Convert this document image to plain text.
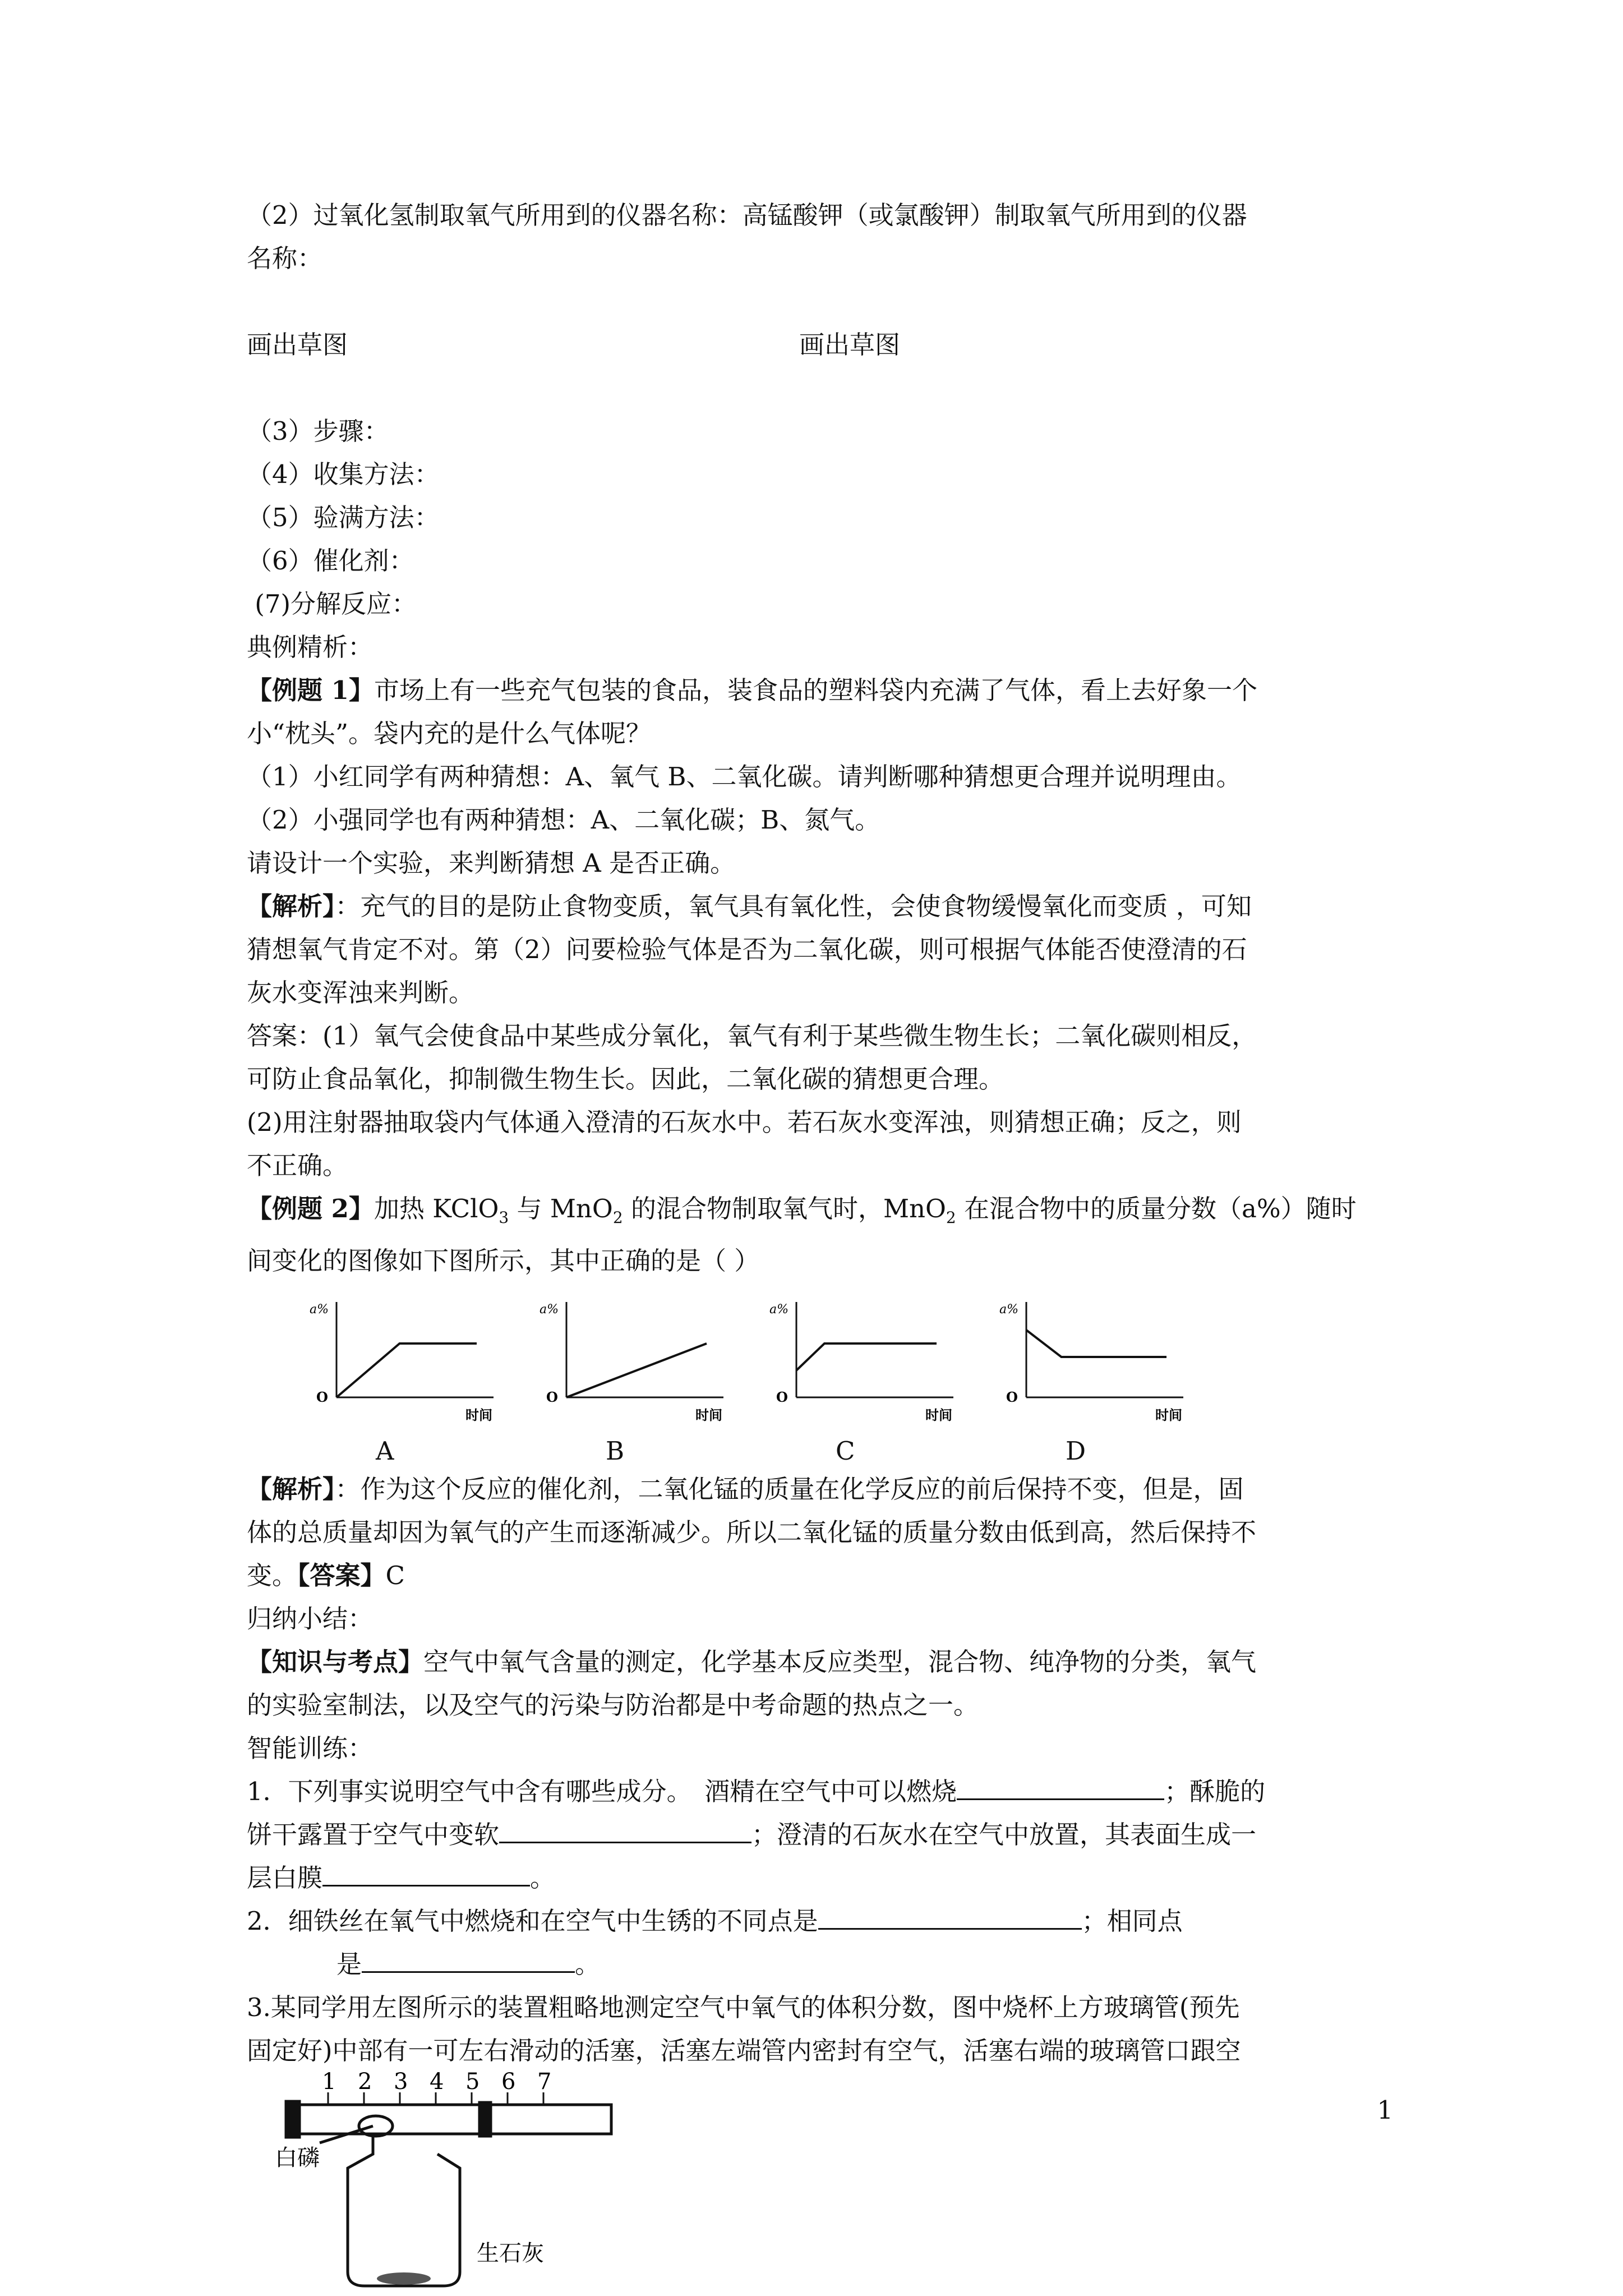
（2）过氧化氢制取氧气所用到的仪器名称：高锰酸钾（或氯酸钾）制取氧气所用到的仪器
名称：
画出草图	画出草图
（3）步骤：
（4）收集方法：
（5）验满方法：
（6）催化剂：
(7)分解反应：
典例精析：
【例题 1】市场上有一些充气包装的食品，装食品的塑料袋内充满了气体，看上去好象一个
小“枕头”。袋内充的是什么气体呢？
（1）小红同学有两种猜想：A、氧气 B、二氧化碳。请判断哪种猜想更合理并说明理由。
（2）小强同学也有两种猜想：A、二氧化碳；B、氮气。
请设计一个实验，来判断猜想 A 是否正确。
【解析】：充气的目的是防止食物变质，氧气具有氧化性，会使食物缓慢氧化而变质 ，可知
猜想氧气肯定不对。第（2）问要检验气体是否为二氧化碳，则可根据气体能否使澄清的石
灰水变浑浊来判断。
答案：(1）氧气会使食品中某些成分氧化，氧气有利于某些微生物生长；二氧化碳则相反，
可防止食品氧化，抑制微生物生长。因此，二氧化碳的猜想更合理。
(2)用注射器抽取袋内气体通入澄清的石灰水中。若石灰水变浑浊，则猜想正确；反之，则
不正确。
【例题 2】加热 KClO$_3$ 与 MnO$_2$ 的混合物制取氧气时，MnO$_2$ 在混合物中的质量分数（a%）随时
间变化的图像如下图所示，其中正确的是（ ）
a%
时间
O
a%
时间
O
a%
时间
O
a%
时间
O
A	B	C	D
【解析】：作为这个反应的催化剂，二氧化锰的质量在化学反应的前后保持不变，但是，固
体的总质量却因为氧气的产生而逐渐减少。所以二氧化锰的质量分数由低到高，然后保持不
变。【答案】C
归纳小结：
【知识与考点】空气中氧气含量的测定，化学基本反应类型，混合物、纯净物的分类，氧气
的实验室制法，以及空气的污染与防治都是中考命题的热点之一。
智能训练：
1．下列事实说明空气中含有哪些成分。　酒精在空气中可以燃烧	；酥脆的
饼干露置于空气中变软	；澄清的石灰水在空气中放置，其表面生成一
层白膜	。
2．细铁丝在氧气中燃烧和在空气中生锈的不同点是	；相同点
是	。
3.某同学用左图所示的装置粗略地测定空气中氧气的体积分数，图中烧杯上方玻璃管(预先
固定好)中部有一可左右滑动的活塞，活塞左端管内密封有空气，活塞右端的玻璃管口跟空
1 2 3 4 5 6 7
白磷
生石灰
1
